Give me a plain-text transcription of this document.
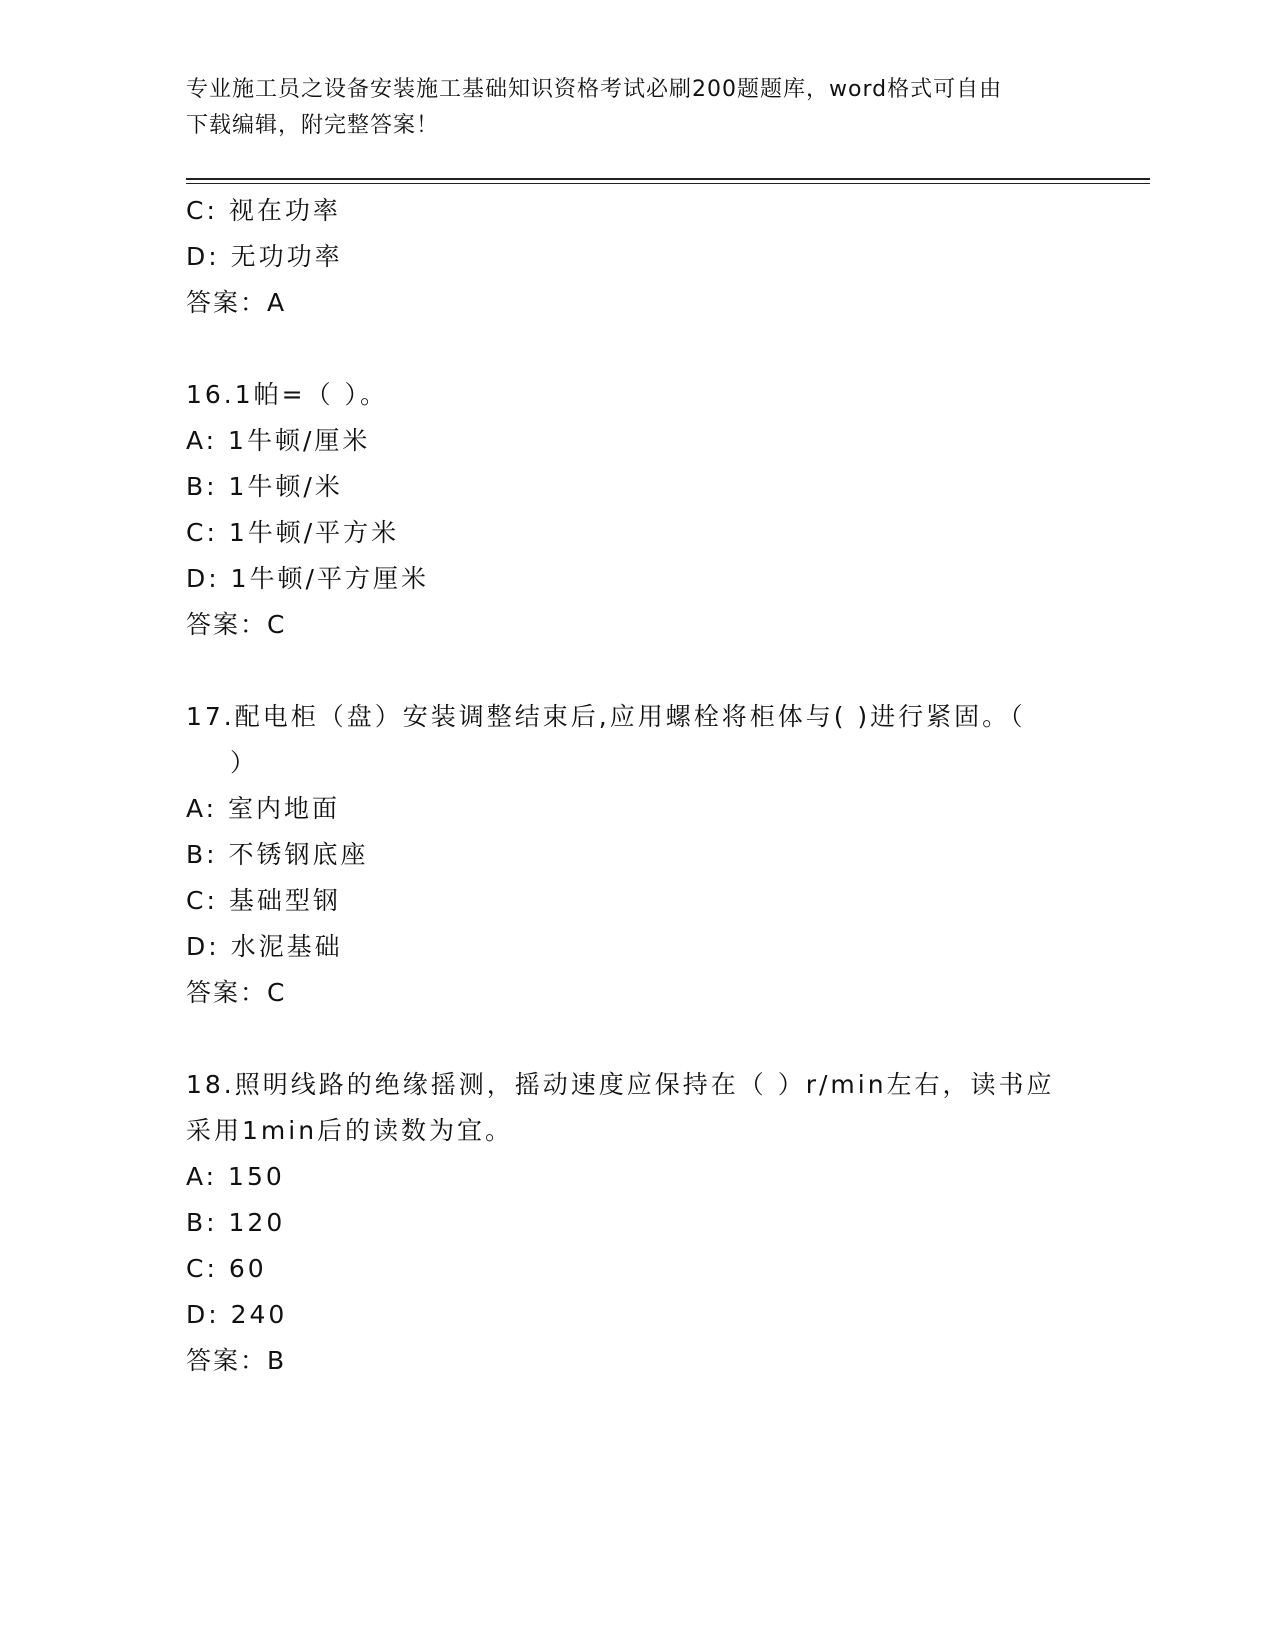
专业施工员之设备安装施工基础知识资格考试必刷200题题库，word格式可自由
下载编辑，附完整答案！
C: 视在功率
D: 无功功率
答案：A
16.1帕=（ ）。
A: 1牛顿/厘米
B: 1牛顿/米
C: 1牛顿/平方米
D: 1牛顿/平方厘米
答案：C
17.配电柜（盘）安装调整结束后,应用螺栓将柜体与( )进行紧固。（
）
A: 室内地面
B: 不锈钢底座
C: 基础型钢
D: 水泥基础
答案：C
18.照明线路的绝缘摇测，摇动速度应保持在（ ）r/min左右，读书应
采用1min后的读数为宜。
A: 150
B: 120
C: 60
D: 240
答案：B
